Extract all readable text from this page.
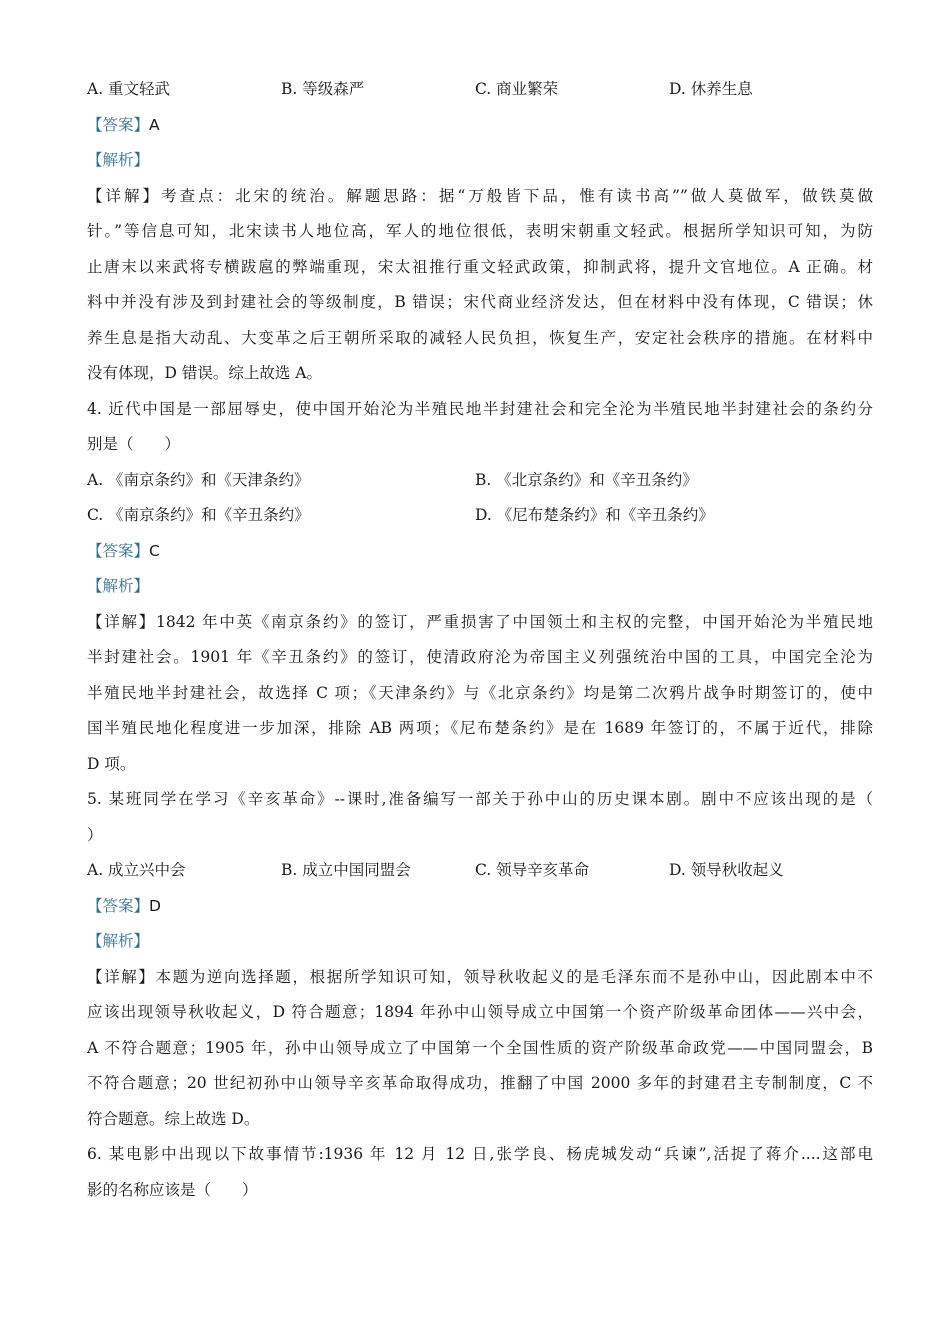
A. 重文轻武	B. 等级森严	C. 商业繁荣	D. 休养生息
【答案】A
【解析】
【详解】考查点：北宋的统治。解题思路：据“万般皆下品，惟有读书高””做人莫做军，做铁莫做
针。”等信息可知，北宋读书人地位高，军人的地位很低，表明宋朝重文轻武。根据所学知识可知，为防
止唐末以来武将专横跋扈的弊端重现，宋太祖推行重文轻武政策，抑制武将，提升文官地位。A 正确。材
料中并没有涉及到封建社会的等级制度，B 错误；宋代商业经济发达，但在材料中没有体现，C 错误；休
养生息是指大动乱、大变革之后王朝所采取的减轻人民负担，恢复生产，安定社会秩序的措施。在材料中
没有体现，D 错误。综上故选 A。
4. 近代中国是一部屈辱史，使中国开始沦为半殖民地半封建社会和完全沦为半殖民地半封建社会的条约分
别是（　　）
A. 《南京条约》和《天津条约》	B. 《北京条约》和《辛丑条约》
C. 《南京条约》和《辛丑条约》	D. 《尼布楚条约》和《辛丑条约》
【答案】C
【解析】
【详解】1842 年中英《南京条约》的签订，严重损害了中国领土和主权的完整，中国开始沦为半殖民地
半封建社会。1901 年《辛丑条约》的签订，使清政府沦为帝国主义列强统治中国的工具，中国完全沦为
半殖民地半封建社会，故选择 C 项；《天津条约》与《北京条约》均是第二次鸦片战争时期签订的，使中
国半殖民地化程度进一步加深，排除 AB 两项；《尼布楚条约》是在 1689 年签订的，不属于近代，排除
D 项。
5. 某班同学在学习《辛亥革命》--课时,准备编写一部关于孙中山的历史课本剧。剧中不应该出现的是（
）
A. 成立兴中会	B. 成立中国同盟会	C. 领导辛亥革命	D. 领导秋收起义
【答案】D
【解析】
【详解】本题为逆向选择题，根据所学知识可知，领导秋收起义的是毛泽东而不是孙中山，因此剧本中不
应该出现领导秋收起义，D 符合题意；1894 年孙中山领导成立中国第一个资产阶级革命团体——兴中会，
A 不符合题意；1905 年，孙中山领导成立了中国第一个全国性质的资产阶级革命政党——中国同盟会，B
不符合题意；20 世纪初孙中山领导辛亥革命取得成功，推翻了中国 2000 多年的封建君主专制制度，C 不
符合题意。综上故选 D。
6. 某电影中出现以下故事情节:1936 年 12 月 12 日,张学良、杨虎城发动“兵谏”,活捉了蒋介....这部电
影的名称应该是（　　）
